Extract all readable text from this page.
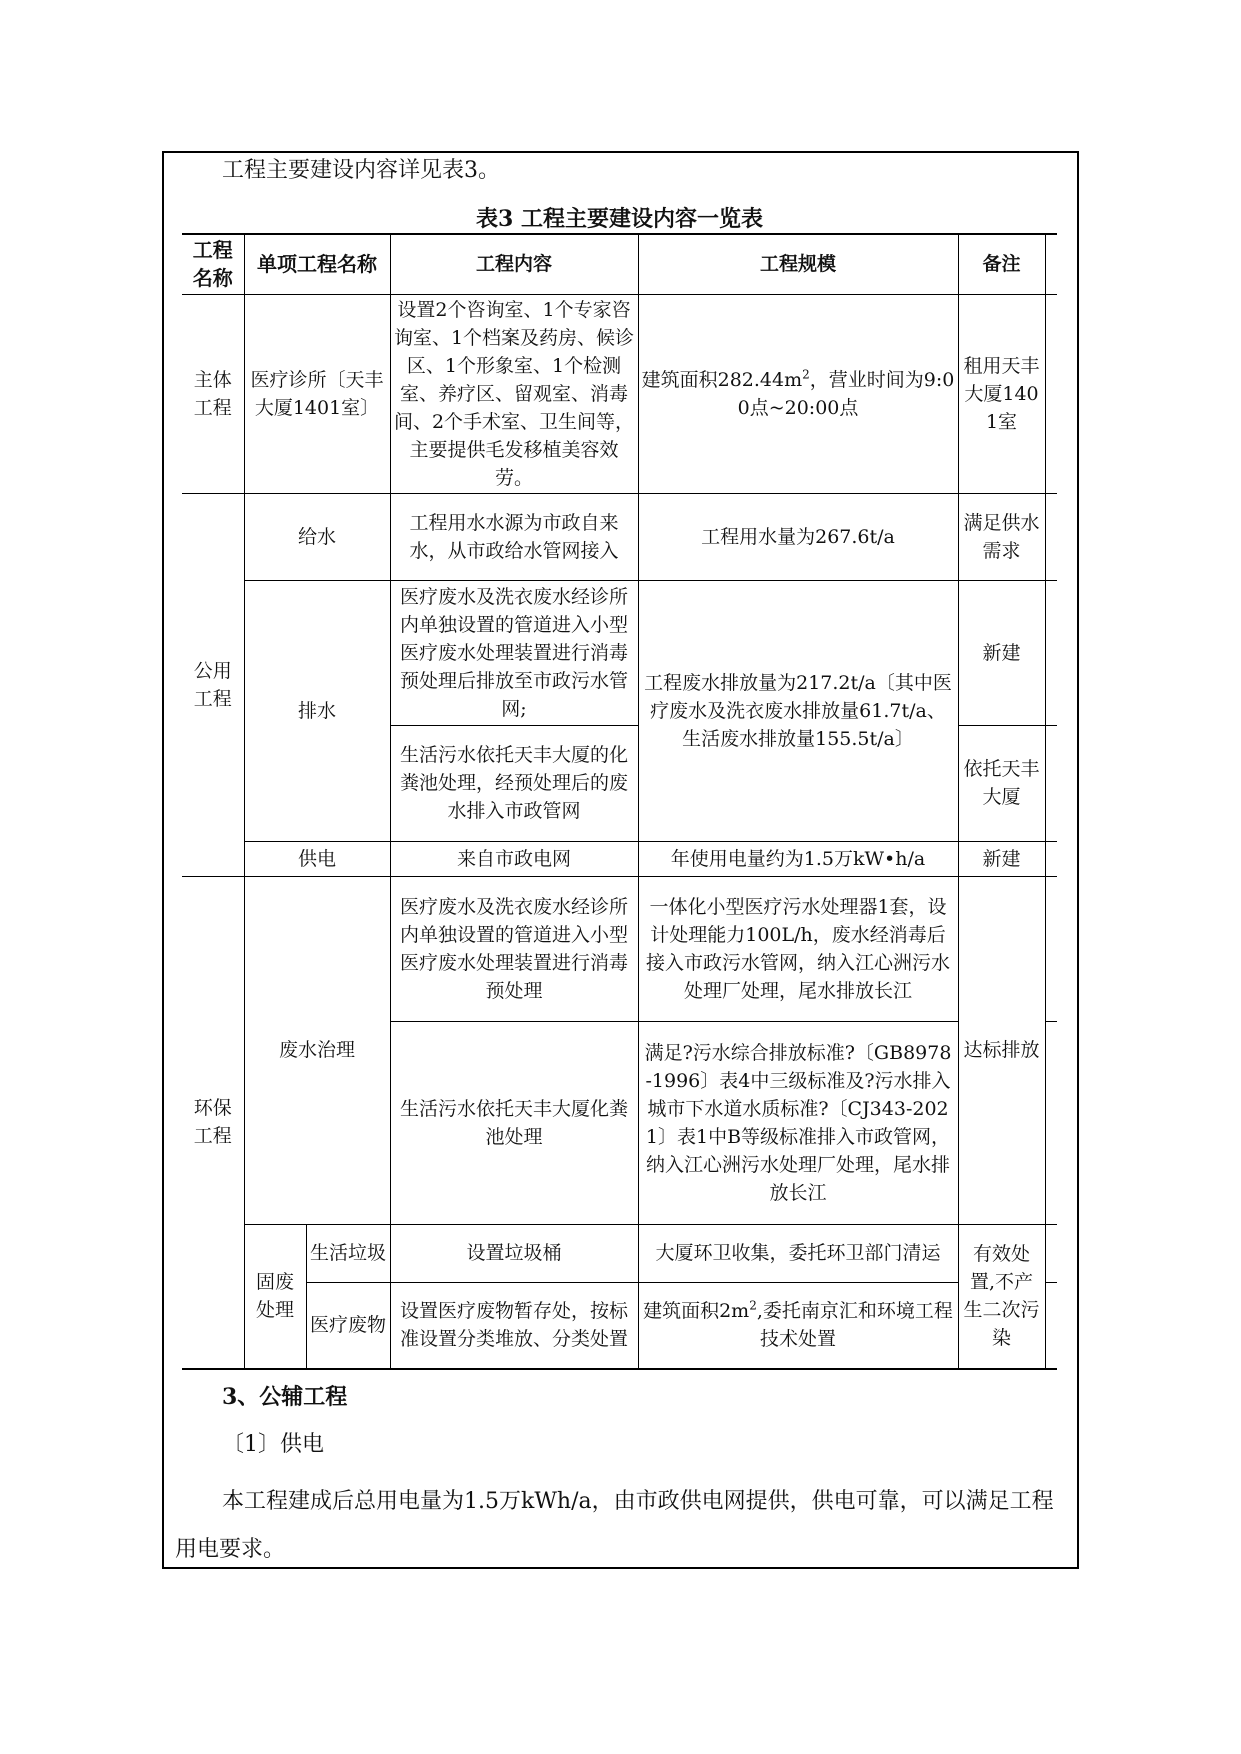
工程主要建设内容详见表3。
表3 工程主要建设内容一览表
工程名称	单项工程名称		工程内容	工程规模	备注	
主体工程	医疗诊所〔天丰大厦1401室〕		设置2个咨询室、1个专家咨询室、1个档案及药房、候诊区、1个形象室、1个检测室、养疗区、留观室、消毒间、2个手术室、卫生间等，主要提供毛发移植美容效劳。	建筑面积$282.44m^2$，营业时间为9:00点~20:00点	租用天丰大厦1401室	
公用工程	给水		工程用水水源为市政自来水，从市政给水管网接入	工程用水量为267.6t/a	满足供水需求	
	排水		医疗废水及洗衣废水经诊所内单独设置的管道进入小型医疗废水处理装置进行消毒预处理后排放至市政污水管网;	工程废水排放量为217.2t/a〔其中医疗废水及洗衣废水排放量61.7t/a、生活废水排放量155.5t/a〕	新建	
			生活污水依托天丰大厦的化粪池处理，经预处理后的废水排入市政管网		依托天丰大厦	
	供电		来自市政电网	年使用电量约为1.5万kW•h/a	新建	
环保工程	废水治理		医疗废水及洗衣废水经诊所内单独设置的管道进入小型医疗废水处理装置进行消毒预处理	一体化小型医疗污水处理器1套，设计处理能力100L/h，废水经消毒后接入市政污水管网，纳入江心洲污水处理厂处理，尾水排放长江	达标排放	
			生活污水依托天丰大厦化粪池处理	满足?污水综合排放标准?〔GB8978-1996〕表4中三级标准及?污水排入城市下水道水质标准?〔CJ343-2021〕表1中B等级标准排入市政管网，纳入江心洲污水处理厂处理，尾水排放长江		
	固废处理	生活垃圾	设置垃圾桶	大厦环卫收集，委托环卫部门清运	有效处置,不产生二次污染	
		医疗废物	设置医疗废物暂存处，按标准设置分类堆放、分类处置	建筑面积$2m^2$,委托南京汇和环境工程技术处置		
3、公辅工程
〔1〕供电
本工程建成后总用电量为1.5万kWh/a，由市政供电网提供，供电可靠，可以满足工程用电要求。
